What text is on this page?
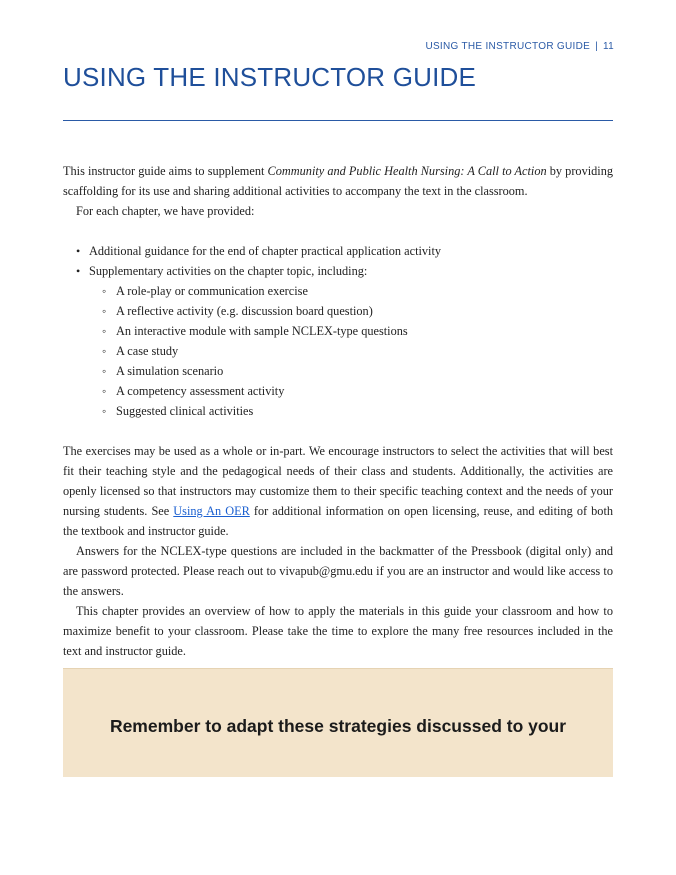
USING THE INSTRUCTOR GUIDE | 11
USING THE INSTRUCTOR GUIDE

This instructor guide aims to supplement Community and Public Health Nursing: A Call to Action by providing scaffolding for its use and sharing additional activities to accompany the text in the classroom.

For each chapter, we have provided:

• Additional guidance for the end of chapter practical application activity
• Supplementary activities on the chapter topic, including:
◦ A role-play or communication exercise
◦ A reflective activity (e.g. discussion board question)
◦ An interactive module with sample NCLEX-type questions
◦ A case study
◦ A simulation scenario
◦ A competency assessment activity
◦ Suggested clinical activities

The exercises may be used as a whole or in-part. We encourage instructors to select the activities that will best fit their teaching style and the pedagogical needs of their class and students. Additionally, the activities are openly licensed so that instructors may customize them to their specific teaching context and the needs of your nursing students. See Using An OER for additional information on open licensing, reuse, and editing of both the textbook and instructor guide.

Answers for the NCLEX-type questions are included in the backmatter of the Pressbook (digital only) and are password protected. Please reach out to vivapub@gmu.edu if you are an instructor and would like access to the answers.

This chapter provides an overview of how to apply the materials in this guide your classroom and how to maximize benefit to your classroom. Please take the time to explore the many free resources included in the text and instructor guide.

Remember to adapt these strategies discussed to your
